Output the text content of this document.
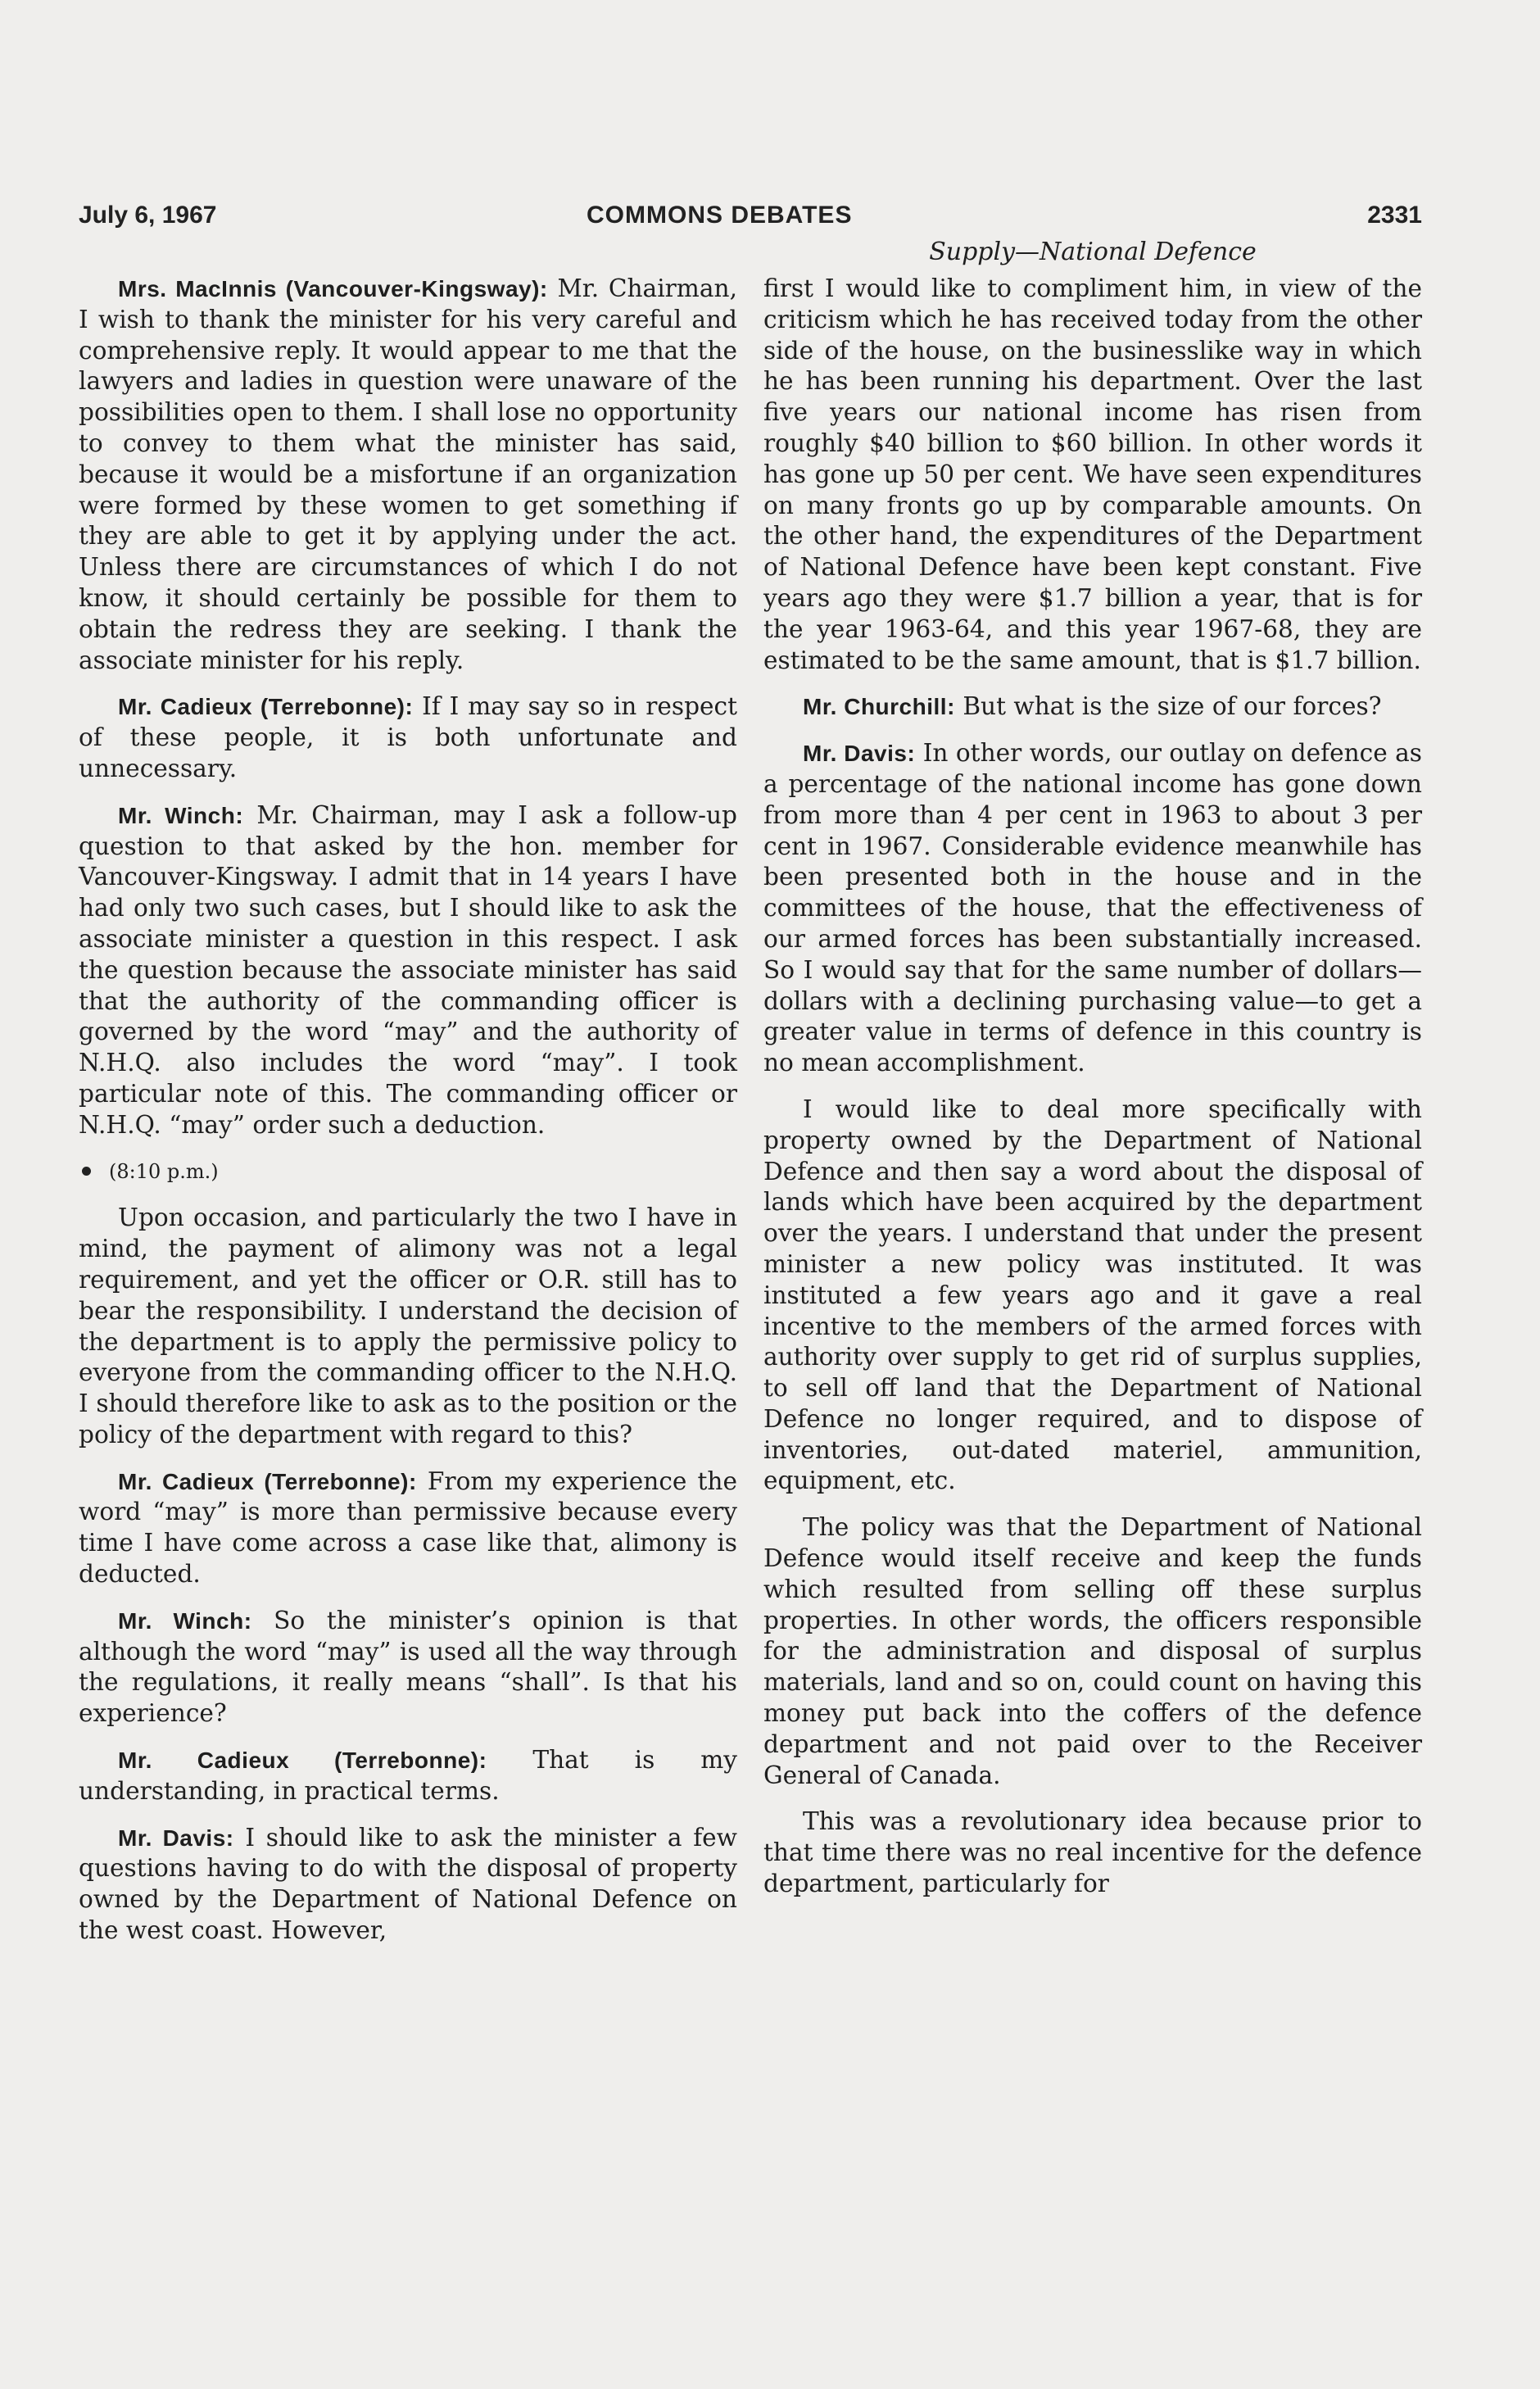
July 6, 1967	COMMONS DEBATES	2331
Supply—National Defence

Mrs. MacInnis (Vancouver-Kingsway): Mr. Chairman, I wish to thank the minister for his very careful and comprehensive reply. It would appear to me that the lawyers and ladies in question were unaware of the possibilities open to them. I shall lose no opportunity to convey to them what the minister has said, because it would be a misfortune if an organization were formed by these women to get something if they are able to get it by applying under the act. Unless there are circumstances of which I do not know, it should certainly be possible for them to obtain the redress they are seeking. I thank the associate minister for his reply.

Mr. Cadieux (Terrebonne): If I may say so in respect of these people, it is both unfortunate and unnecessary.

Mr. Winch: Mr. Chairman, may I ask a follow-up question to that asked by the hon. member for Vancouver-Kingsway. I admit that in 14 years I have had only two such cases, but I should like to ask the associate minister a question in this respect. I ask the question because the associate minister has said that the authority of the commanding officer is governed by the word “may” and the authority of N.H.Q. also includes the word “may”. I took particular note of this. The commanding officer or N.H.Q. “may” order such a deduction.

(8:10 p.m.)

Upon occasion, and particularly the two I have in mind, the payment of alimony was not a legal requirement, and yet the officer or O.R. still has to bear the responsibility. I understand the decision of the department is to apply the permissive policy to everyone from the commanding officer to the N.H.Q. I should therefore like to ask as to the position or the policy of the department with regard to this?

Mr. Cadieux (Terrebonne): From my experience the word “may” is more than permissive because every time I have come across a case like that, alimony is deducted.

Mr. Winch: So the minister’s opinion is that although the word “may” is used all the way through the regulations, it really means “shall”. Is that his experience?

Mr. Cadieux (Terrebonne): That is my understanding, in practical terms.

Mr. Davis: I should like to ask the minister a few questions having to do with the disposal of property owned by the Department of National Defence on the west coast. However,

first I would like to compliment him, in view of the criticism which he has received today from the other side of the house, on the businesslike way in which he has been running his department. Over the last five years our national income has risen from roughly $40 billion to $60 billion. In other words it has gone up 50 per cent. We have seen expenditures on many fronts go up by comparable amounts. On the other hand, the expenditures of the Department of National Defence have been kept constant. Five years ago they were $1.7 billion a year, that is for the year 1963-64, and this year 1967-68, they are estimated to be the same amount, that is $1.7 billion.

Mr. Churchill: But what is the size of our forces?

Mr. Davis: In other words, our outlay on defence as a percentage of the national income has gone down from more than 4 per cent in 1963 to about 3 per cent in 1967. Considerable evidence meanwhile has been presented both in the house and in the committees of the house, that the effectiveness of our armed forces has been substantially increased. So I would say that for the same number of dollars—dollars with a declining purchasing value—to get a greater value in terms of defence in this country is no mean accomplishment.

I would like to deal more specifically with property owned by the Department of National Defence and then say a word about the disposal of lands which have been acquired by the department over the years. I understand that under the present minister a new policy was instituted. It was instituted a few years ago and it gave a real incentive to the members of the armed forces with authority over supply to get rid of surplus supplies, to sell off land that the Department of National Defence no longer required, and to dispose of inventories, out-dated materiel, ammunition, equipment, etc.

The policy was that the Department of National Defence would itself receive and keep the funds which resulted from selling off these surplus properties. In other words, the officers responsible for the administration and disposal of surplus materials, land and so on, could count on having this money put back into the coffers of the defence department and not paid over to the Receiver General of Canada.

This was a revolutionary idea because prior to that time there was no real incentive for the defence department, particularly for
